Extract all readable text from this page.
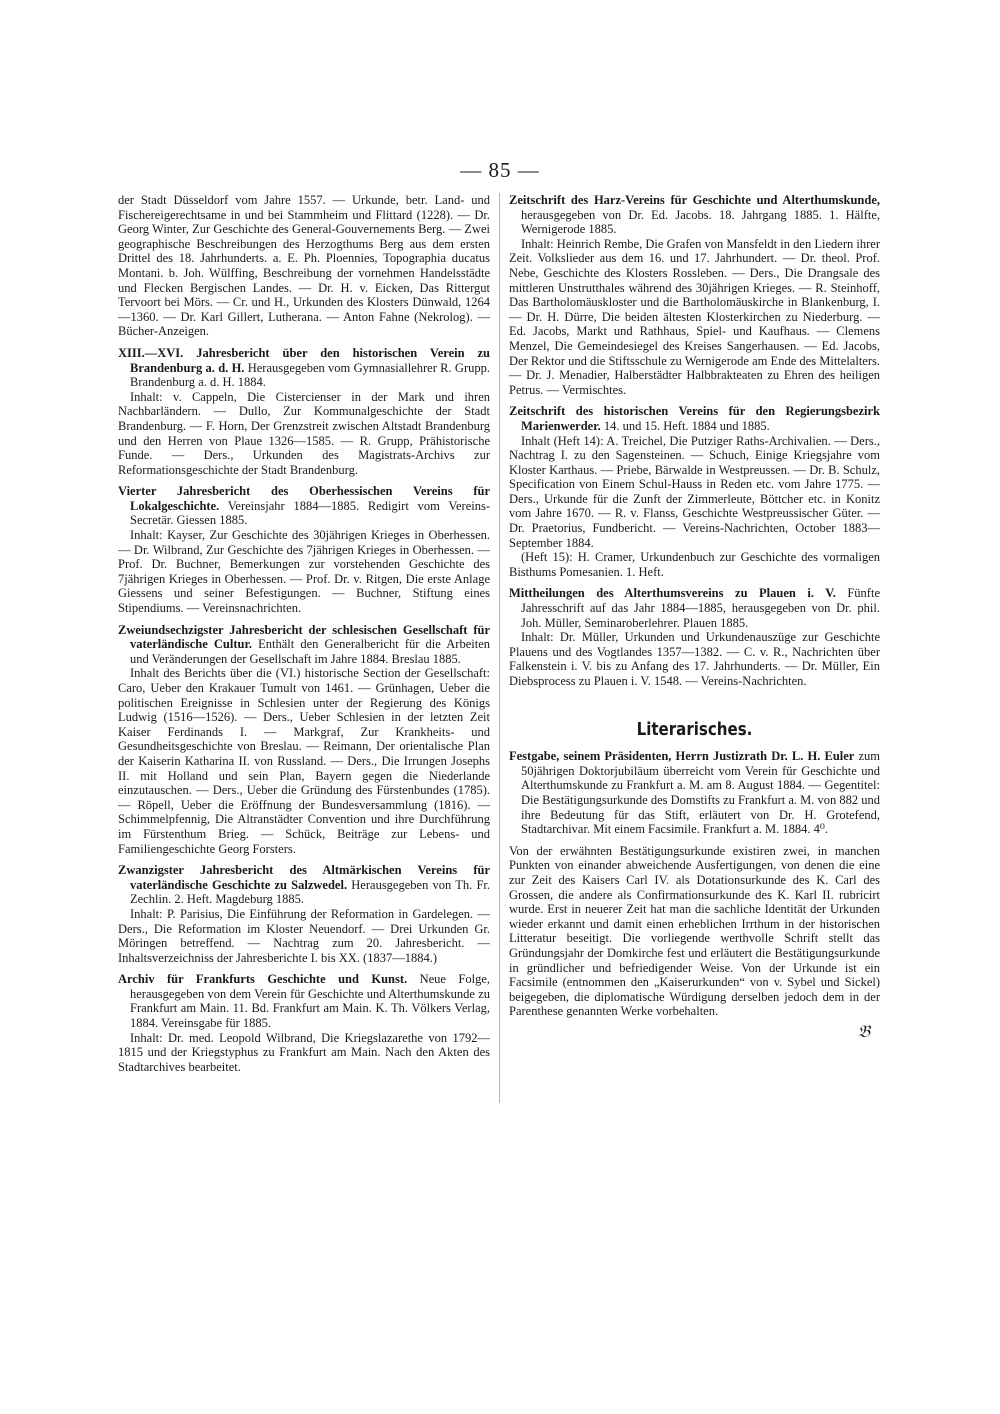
— 85 —

der Stadt Düsseldorf vom Jahre 1557. — Urkunde, betr. Land- und Fischereigerechtsame in und bei Stammheim und Flittard (1228). — Dr. Georg Winter, Zur Geschichte des General-Gouvernements Berg. — Zwei geographische Beschreibungen des Herzogthums Berg aus dem ersten Drittel des 18. Jahrhunderts. a. E. Ph. Ploennies, Topographia ducatus Montani. b. Joh. Wülffing, Beschreibung der vornehmen Handelsstädte und Flecken Bergischen Landes. — Dr. H. v. Eicken, Das Rittergut Tervoort bei Mörs. — Cr. und H., Urkunden des Klosters Dünwald, 1264—1360. — Dr. Karl Gillert, Lutherana. — Anton Fahne (Nekrolog). — Bücher-Anzeigen.

XIII.—XVI. Jahresbericht über den historischen Verein zu Brandenburg a. d. H. Herausgegeben vom Gymnasiallehrer R. Grupp. Brandenburg a. d. H. 1884.

Inhalt: v. Cappeln, Die Cistercienser in der Mark und ihren Nachbarländern. — Dullo, Zur Kommunalgeschichte der Stadt Brandenburg. — F. Horn, Der Grenzstreit zwischen Altstadt Brandenburg und den Herren von Plaue 1326—1585. — R. Grupp, Prähistorische Funde. — Ders., Urkunden des Magistrats-Archivs zur Reformationsgeschichte der Stadt Brandenburg.

Vierter Jahresbericht des Oberhessischen Vereins für Lokalgeschichte. Vereinsjahr 1884—1885. Redigirt vom Vereins-Secretär. Giessen 1885.

Inhalt: Kayser, Zur Geschichte des 30jährigen Krieges in Oberhessen. — Dr. Wilbrand, Zur Geschichte des 7jährigen Krieges in Oberhessen. — Prof. Dr. Buchner, Bemerkungen zur vorstehenden Geschichte des 7jährigen Krieges in Oberhessen. — Prof. Dr. v. Ritgen, Die erste Anlage Giessens und seiner Befestigungen. — Buchner, Stiftung eines Stipendiums. — Vereinsnachrichten.

Zweiundsechzigster Jahresbericht der schlesischen Gesellschaft für vaterländische Cultur. Enthält den Generalbericht für die Arbeiten und Veränderungen der Gesellschaft im Jahre 1884. Breslau 1885.

Inhalt des Berichts über die (VI.) historische Section der Gesellschaft: Caro, Ueber den Krakauer Tumult von 1461. — Grünhagen, Ueber die politischen Ereignisse in Schlesien unter der Regierung des Königs Ludwig (1516—1526). — Ders., Ueber Schlesien in der letzten Zeit Kaiser Ferdinands I. — Markgraf, Zur Krankheits- und Gesundheitsgeschichte von Breslau. — Reimann, Der orientalische Plan der Kaiserin Katharina II. von Russland. — Ders., Die Irrungen Josephs II. mit Holland und sein Plan, Bayern gegen die Niederlande einzutauschen. — Ders., Ueber die Gründung des Fürstenbundes (1785). — Röpell, Ueber die Eröffnung der Bundesversammlung (1816). — Schimmelpfennig, Die Altranstädter Convention und ihre Durchführung im Fürstenthum Brieg. — Schück, Beiträge zur Lebens- und Familiengeschichte Georg Forsters.

Zwanzigster Jahresbericht des Altmärkischen Vereins für vaterländische Geschichte zu Salzwedel. Herausgegeben von Th. Fr. Zechlin. 2. Heft. Magdeburg 1885.

Inhalt: P. Parisius, Die Einführung der Reformation in Gardelegen. — Ders., Die Reformation im Kloster Neuendorf. — Drei Urkunden Gr. Möringen betreffend. — Nachtrag zum 20. Jahresbericht. — Inhaltsverzeichniss der Jahresberichte I. bis XX. (1837—1884.)

Archiv für Frankfurts Geschichte und Kunst. Neue Folge, herausgegeben von dem Verein für Geschichte und Alterthumskunde zu Frankfurt am Main. 11. Bd. Frankfurt am Main. K. Th. Völkers Verlag, 1884. Vereinsgabe für 1885.

Inhalt: Dr. med. Leopold Wilbrand, Die Kriegslazarethe von 1792—1815 und der Kriegstyphus zu Frankfurt am Main. Nach den Akten des Stadtarchives bearbeitet.

Zeitschrift des Harz-Vereins für Geschichte und Alterthumskunde, herausgegeben von Dr. Ed. Jacobs. 18. Jahrgang 1885. 1. Hälfte, Wernigerode 1885.

Inhalt: Heinrich Rembe, Die Grafen von Mansfeldt in den Liedern ihrer Zeit. Volkslieder aus dem 16. und 17. Jahrhundert. — Dr. theol. Prof. Nebe, Geschichte des Klosters Rossleben. — Ders., Die Drangsale des mittleren Unstrutthales während des 30jährigen Krieges. — R. Steinhoff, Das Bartholomäuskloster und die Bartholomäuskirche in Blankenburg, I. — Dr. H. Dürre, Die beiden ältesten Klosterkirchen zu Niederburg. — Ed. Jacobs, Markt und Rathhaus, Spiel- und Kaufhaus. — Clemens Menzel, Die Gemeindesiegel des Kreises Sangerhausen. — Ed. Jacobs, Der Rektor und die Stiftsschule zu Wernigerode am Ende des Mittelalters. — Dr. J. Menadier, Halberstädter Halbbrakteaten zu Ehren des heiligen Petrus. — Vermischtes.

Zeitschrift des historischen Vereins für den Regierungsbezirk Marienwerder. 14. und 15. Heft. 1884 und 1885.

Inhalt (Heft 14): A. Treichel, Die Putziger Raths-Archivalien. — Ders., Nachtrag I. zu den Sagensteinen. — Schuch, Einige Kriegsjahre vom Kloster Karthaus. — Priebe, Bärwalde in Westpreussen. — Dr. B. Schulz, Specification von Einem Schul-Hauss in Reden etc. vom Jahre 1775. — Ders., Urkunde für die Zunft der Zimmerleute, Böttcher etc. in Konitz vom Jahre 1670. — R. v. Flanss, Geschichte Westpreussischer Güter. — Dr. Praetorius, Fundbericht. — Vereins-Nachrichten, October 1883—September 1884.

(Heft 15): H. Cramer, Urkundenbuch zur Geschichte des vormaligen Bisthums Pomesanien. 1. Heft.

Mittheilungen des Alterthumsvereins zu Plauen i. V. Fünfte Jahresschrift auf das Jahr 1884—1885, herausgegeben von Dr. phil. Joh. Müller, Seminaroberlehrer. Plauen 1885.

Inhalt: Dr. Müller, Urkunden und Urkundenauszüge zur Geschichte Plauens und des Vogtlandes 1357—1382. — C. v. R., Nachrichten über Falkenstein i. V. bis zu Anfang des 17. Jahrhunderts. — Dr. Müller, Ein Diebsprocess zu Plauen i. V. 1548. — Vereins-Nachrichten.

Literarisches.

Festgabe, seinem Präsidenten, Herrn Justizrath Dr. L. H. Euler zum 50jährigen Doktorjubiläum überreicht vom Verein für Geschichte und Alterthumskunde zu Frankfurt a. M. am 8. August 1884. — Gegentitel: Die Bestätigungsurkunde des Domstifts zu Frankfurt a. M. von 882 und ihre Bedeutung für das Stift, erläutert von Dr. H. Grotefend, Stadtarchivar. Mit einem Facsimile. Frankfurt a. M. 1884. 4⁰.

Von der erwähnten Bestätigungsurkunde existiren zwei, in manchen Punkten von einander abweichende Ausfertigungen, von denen die eine zur Zeit des Kaisers Carl IV. als Dotationsurkunde des K. Carl des Grossen, die andere als Confirmationsurkunde des K. Karl II. rubricirt wurde. Erst in neuerer Zeit hat man die sachliche Identität der Urkunden wieder erkannt und damit einen erheblichen Irrthum in der historischen Litteratur beseitigt. Die vorliegende werthvolle Schrift stellt das Gründungsjahr der Domkirche fest und erläutert die Bestätigungsurkunde in gründlicher und befriedigender Weise. Von der Urkunde ist ein Facsimile (entnommen den „Kaiserurkunden“ von v. Sybel und Sickel) beigegeben, die diplomatische Würdigung derselben jedoch dem in der Parenthese genannten Werke vorbehalten.

𝔅
